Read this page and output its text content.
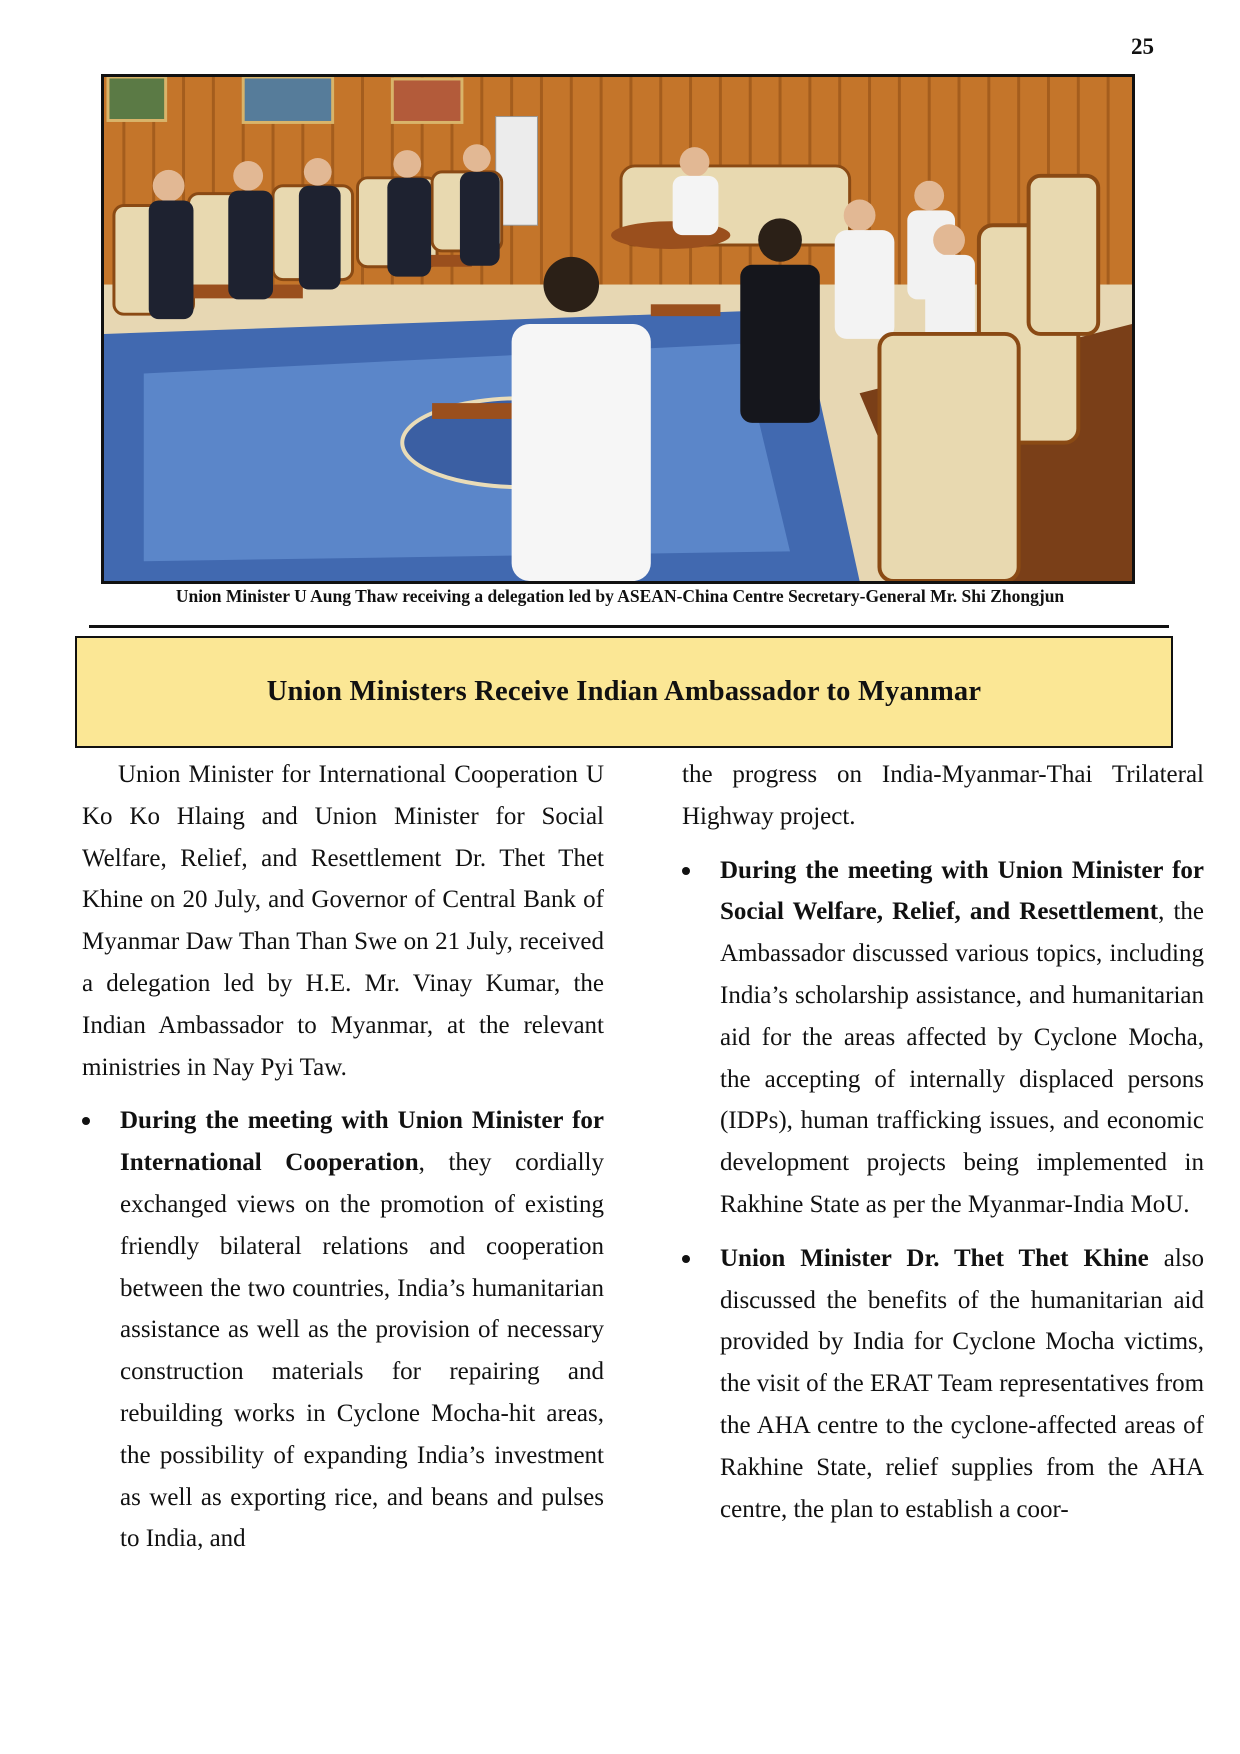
25
Union Minister U Aung Thaw receiving a delegation led by ASEAN-China Centre Secretary-General Mr. Shi Zhongjun
Union Ministers Receive Indian Ambassador to Myanmar

Union Minister for International Cooperation U Ko Ko Hlaing and Union Minister for Social Welfare, Relief, and Resettlement Dr. Thet Thet Khine on 20 July, and Governor of Central Bank of Myanmar Daw Than Than Swe on 21 July, received a delegation led by H.E. Mr. Vinay Kumar, the Indian Ambassador to Myanmar, at the relevant ministries in Nay Pyi Taw.

During the meeting with Union Minister for International Cooperation, they cordially exchanged views on the promotion of existing friendly bilateral relations and cooperation between the two countries, India’s humanitarian assistance as well as the provision of necessary construction materials for repairing and rebuilding works in Cyclone Mocha-hit areas, the possibility of expanding India’s investment as well as exporting rice, and beans and pulses to India, and

the progress on India-Myanmar-Thai Trilateral Highway project.

During the meeting with Union Minister for Social Welfare, Relief, and Resettlement, the Ambassador discussed various topics, including India’s scholarship assistance, and humanitarian aid for the areas affected by Cyclone Mocha, the accepting of internally displaced persons (IDPs), human trafficking issues, and economic development projects being implemented in Rakhine State as per the Myanmar-India MoU.
Union Minister Dr. Thet Thet Khine also discussed the benefits of the humanitarian aid provided by India for Cyclone Mocha victims, the visit of the ERAT Team representatives from the AHA centre to the cyclone-affected areas of Rakhine State, relief supplies from the AHA centre, the plan to establish a coor-
